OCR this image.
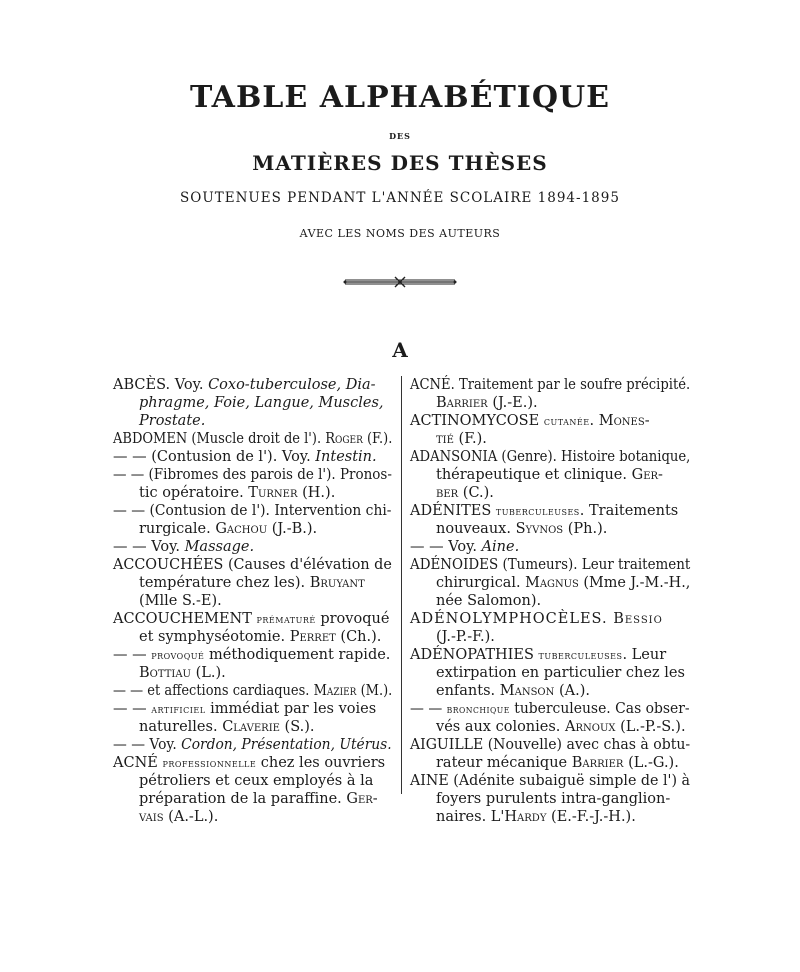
TABLE ALPHABÉTIQUE
DES
MATIÈRES DES THÈSES
SOUTENUES PENDANT L'ANNÉE SCOLAIRE 1894-1895
AVEC LES NOMS DES AUTEURS
A
ABCÈS. Voy. Coxo-tuberculose, Dia-
phragme, Foie, Langue, Muscles,
Prostate.
ABDOMEN (Muscle droit de l'). Roger (F.).
— — (Contusion de l'). Voy. Intestin.
— — (Fibromes des parois de l'). Pronos-
tic opératoire. Turner (H.).
— — (Contusion de l'). Intervention chi-
rurgicale. Gachou (J.-B.).
— — Voy. Massage.
ACCOUCHÉES (Causes d'élévation de
température chez les). Bruyant
(Mlle S.-E).
ACCOUCHEMENT prématuré provoqué
et symphyséotomie. Perret (Ch.).
— — provoqué méthodiquement rapide.
Bottiau (L.).
— — et affections cardiaques. Mazier (M.).
— — artificiel immédiat par les voies
naturelles. Claverie (S.).
— — Voy. Cordon, Présentation, Utérus.
ACNÉ professionnelle chez les ouvriers
pétroliers et ceux employés à la
préparation de la paraffine. Ger-
vais (A.-L.).
ACNÉ. Traitement par le soufre précipité.
Barrier (J.-E.).
ACTINOMYCOSE cutanée. Mones-
tié (F.).
ADANSONIA (Genre). Histoire botanique,
thérapeutique et clinique. Ger-
ber (C.).
ADÉNITES tuberculeuses. Traitements
nouveaux. Syvnos (Ph.).
— — Voy. Aine.
ADÉNOIDES (Tumeurs). Leur traitement
chirurgical. Magnus (Mme J.-M.-H.,
née Salomon).
ADÉNOLYMPHOCÈLES. Bessio
(J.-P.-F.).
ADÉNOPATHIES tuberculeuses. Leur
extirpation en particulier chez les
enfants. Manson (A.).
— — bronchique tuberculeuse. Cas obser-
vés aux colonies. Arnoux (L.-P.-S.).
AIGUILLE (Nouvelle) avec chas à obtu-
rateur mécanique Barrier (L.-G.).
AINE (Adénite subaiguë simple de l') à
foyers purulents intra-ganglion-
naires. L'Hardy (E.-F.-J.-H.).
